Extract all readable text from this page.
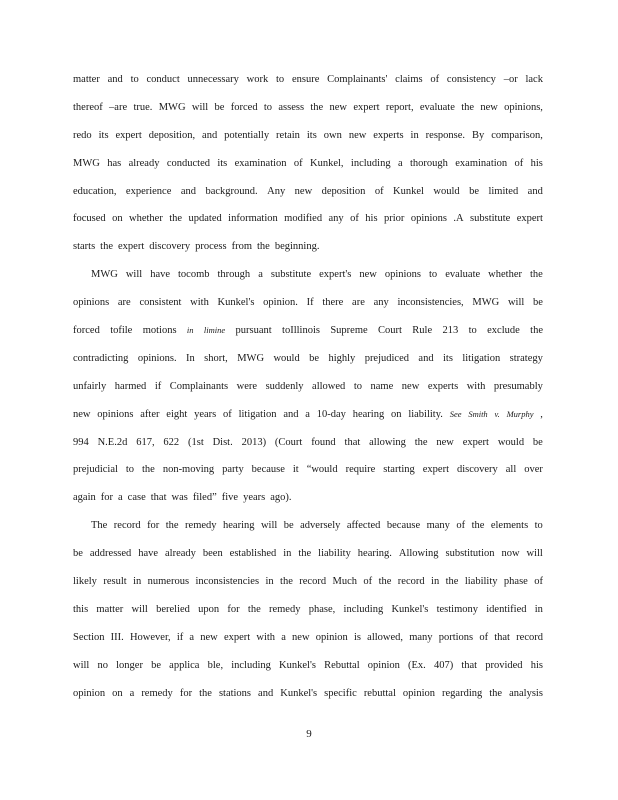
matter and to conduct unnecessary work to ensure Complainants' claims of consistency –or lack
thereof –are true. MWG will be forced to assess the new expert report, evaluate the new opinions,
redo its expert deposition, and potentially retain its own new experts in response. By comparison,
MWG has already conducted its examination of Kunkel, including a thorough examination of his
education, experience and background. Any new deposition of Kunkel would be limited and
focused on whether the updated information modified any of his prior opinions .A substitute expert
starts the expert discovery process from the beginning.
MWG will have tocomb through a substitute expert's new opinions to evaluate whether the
opinions are consistent with Kunkel's opinion. If there are any inconsistencies, MWG will be
forced tofile motions in limine pursuant toIllinois Supreme Court Rule 213 to exclude the
contradicting opinions. In short, MWG would be highly prejudiced and its litigation strategy
unfairly harmed if Complainants were suddenly allowed to name new experts with presumably
new opinions after eight years of litigation and a 10-day hearing on liability. See Smith v. Murphy ,
994 N.E.2d 617, 622 (1st Dist. 2013) (Court found that allowing the new expert would be
prejudicial to the non-moving party because it “would require starting expert discovery all over
again for a case that was filed” five years ago).
The record for the remedy hearing will be adversely affected because many of the elements to
be addressed have already been established in the liability hearing. Allowing substitution now will
likely result in numerous inconsistencies in the record Much of the record in the liability phase of
this matter will berelied upon for the remedy phase, including Kunkel's testimony identified in
Section III. However, if a new expert with a new opinion is allowed, many portions of that record
will no longer be applica ble, including Kunkel's Rebuttal opinion (Ex. 407) that provided his
opinion on a remedy for the stations and Kunkel's specific rebuttal opinion regarding the analysis
9
